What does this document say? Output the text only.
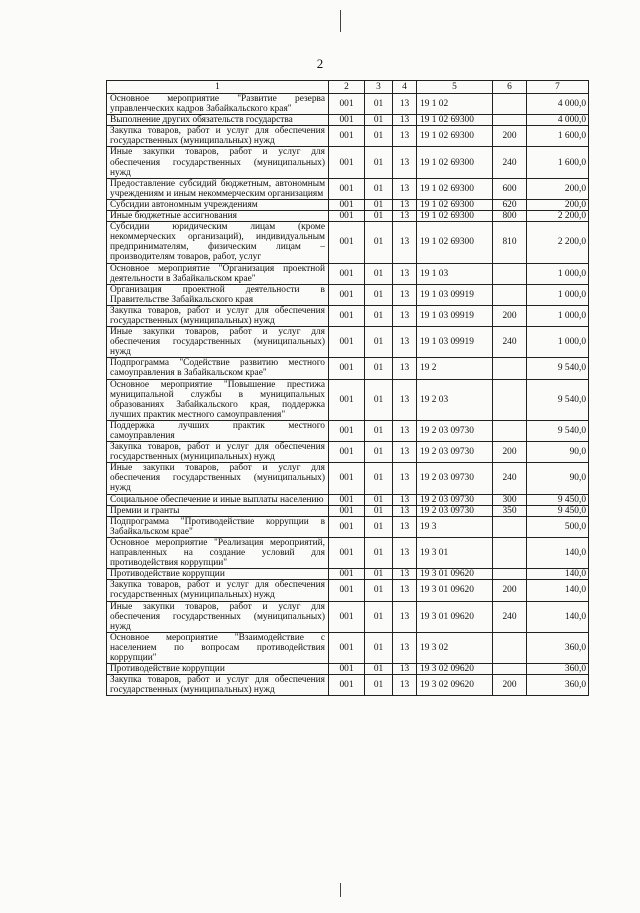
2
1	2	3	4	5	6	7
Основное мероприятие "Развитие резерва управленческих кадров Забайкальского края"	001	01	13	19 1 02		4 000,0
Выполнение других обязательств государства	001	01	13	19 1 02 69300		4 000,0
Закупка товаров, работ и услуг для обеспечения государственных (муниципальных) нужд	001	01	13	19 1 02 69300	200	1 600,0
Иные закупки товаров, работ и услуг для обеспечения государственных (муниципальных) нужд	001	01	13	19 1 02 69300	240	1 600,0
Предоставление субсидий бюджетным, автономным учреждениям и иным некоммерческим организациям	001	01	13	19 1 02 69300	600	200,0
Субсидии автономным учреждениям	001	01	13	19 1 02 69300	620	200,0
Иные бюджетные ассигнования	001	01	13	19 1 02 69300	800	2 200,0
Субсидии юридическим лицам (кроме некоммерческих организаций), индивидуальным предпринимателям, физическим лицам – производителям товаров, работ, услуг	001	01	13	19 1 02 69300	810	2 200,0
Основное мероприятие "Организация проектной деятельности в Забайкальском крае"	001	01	13	19 1 03		1 000,0
Организация проектной деятельности в Правительстве Забайкальского края	001	01	13	19 1 03 09919		1 000,0
Закупка товаров, работ и услуг для обеспечения государственных (муниципальных) нужд	001	01	13	19 1 03 09919	200	1 000,0
Иные закупки товаров, работ и услуг для обеспечения государственных (муниципальных) нужд	001	01	13	19 1 03 09919	240	1 000,0
Подпрограмма "Содействие развитию местного самоуправления в Забайкальском крае"	001	01	13	19 2		9 540,0
Основное мероприятие "Повышение престижа муниципальной службы в муниципальных образованиях Забайкальского края, поддержка лучших практик местного самоуправления"	001	01	13	19 2 03		9 540,0
Поддержка лучших практик местного самоуправления	001	01	13	19 2 03 09730		9 540,0
Закупка товаров, работ и услуг для обеспечения государственных (муниципальных) нужд	001	01	13	19 2 03 09730	200	90,0
Иные закупки товаров, работ и услуг для обеспечения государственных (муниципальных) нужд	001	01	13	19 2 03 09730	240	90,0
Социальное обеспечение и иные выплаты населению	001	01	13	19 2 03 09730	300	9 450,0
Премии и гранты	001	01	13	19 2 03 09730	350	9 450,0
Подпрограмма "Противодействие коррупции в Забайкальском крае"	001	01	13	19 3		500,0
Основное мероприятие "Реализация мероприятий, направленных на создание условий для противодействия коррупции"	001	01	13	19 3 01		140,0
Противодействие коррупции	001	01	13	19 3 01 09620		140,0
Закупка товаров, работ и услуг для обеспечения государственных (муниципальных) нужд	001	01	13	19 3 01 09620	200	140,0
Иные закупки товаров, работ и услуг для обеспечения государственных (муниципальных) нужд	001	01	13	19 3 01 09620	240	140,0
Основное мероприятие "Взаимодействие с населением по вопросам противодействия коррупции"	001	01	13	19 3 02		360,0
Противодействие коррупции	001	01	13	19 3 02 09620		360,0
Закупка товаров, работ и услуг для обеспечения государственных (муниципальных) нужд	001	01	13	19 3 02 09620	200	360,0
